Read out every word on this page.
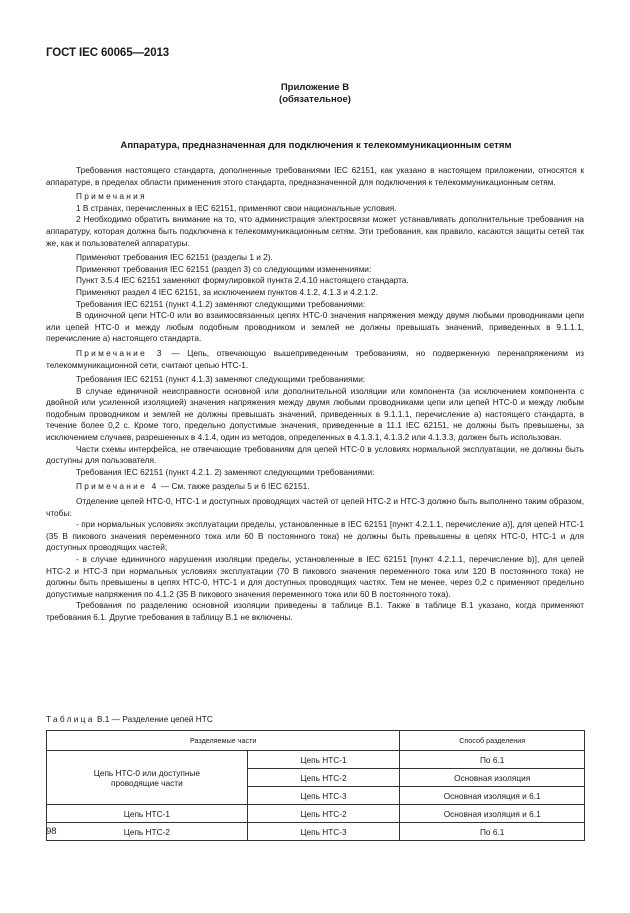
ГОСТ IEC 60065—2013
Приложение В
(обязательное)
Аппаратура, предназначенная для подключения к телекоммуникационным сетям

Требования настоящего стандарта, дополненные требованиями IEC 62151, как указано в настоящем приложении, относятся к аппаратуре, в пределах области применения этого стандарта, предназначенной для подключения к телекоммуникационным сетям.

Примечания

1 В странах, перечисленных в IEC 62151, применяют свои национальные условия.

2 Необходимо обратить внимание на то, что администрация электросвязи может устанавливать дополнительные требования на аппаратуру, которая должна быть подключена к телекоммуникационным сетям. Эти требования, как правило, касаются защиты сетей так же, как и пользователей аппаратуры.

Применяют требования IEC 62151 (разделы 1 и 2).

Применяют требования IEC 62151 (раздел 3) со следующими изменениями:

Пункт 3.5.4 IEC 62151 заменяют формулировкой пункта 2.4.10 настоящего стандарта.

Применяют раздел 4 IEC 62151, за исключением пунктов 4.1.2, 4.1.3 и 4.2.1.2.

Требования IEC 62151 (пункт 4.1.2) заменяют следующими требованиями:

В одиночной цепи НТС-0 или во взаимосвязанных цепях НТС-0 значения напряжения между двумя любыми проводниками цепи или цепей НТС-0 и между любым подобным проводником и землей не должны превышать значений, приведенных в 9.1.1.1, перечисление а) настоящего стандарта.

Примечание 3 — Цепь, отвечающую вышеприведенным требованиям, но подверженную перенапряжениям из телекоммуникационной сети, считают цепью НТС-1.

Требования IEC 62151 (пункт 4.1.3) заменяют следующими требованиями:

В случае единичной неисправности основной или дополнительной изоляции или компонента (за исключением компонента с двойной или усиленной изоляцией) значения напряжения между двумя любыми проводниками цепи или цепей НТС-0 и между любым подобным проводником и землей не должны превышать значений, приведенных в 9.1.1.1, перечисление а) настоящего стандарта, в течение более 0,2 с. Кроме того, предельно допустимые значения, приведенные в 11.1 IEC 62151, не должны быть превышены, за исключением случаев, разрешенных в 4.1.4, один из методов, определенных в 4.1.3.1, 4.1.3.2 или 4.1.3.3, должен быть использован.

Части схемы интерфейса, не отвечающие требованиям для цепей НТС-0 в условиях нормальной эксплуатации, не должны быть доступны для пользователя.

Требования IEC 62151 (пункт 4.2.1. 2) заменяют следующими требованиями:

Примечание 4 — См. также разделы 5 и 6 IEC 62151.

Отделение цепей НТС-0, НТС-1 и доступных проводящих частей от цепей НТС-2 и НТС-3 должно быть выполнено таким образом, чтобы:

- при нормальных условиях эксплуатации пределы, установленные в IEC 62151 [пункт 4.2.1.1, перечисление а)], для цепей НТС-1 (35 В пикового значения переменного тока или 60 В постоянного тока) не должны быть превышены в цепях НТС-0, НТС-1 и для доступных проводящих частей;

- в случае единичного нарушения изоляции пределы, установленные в IEC 62151 [пункт 4.2.1.1, перечисление b)], для цепей НТС-2 и НТС-3 при нормальных условиях эксплуатации (70 В пикового значения переменного тока или 120 В постоянного тока) не должны быть превышены в цепях НТС-0, НТС-1 и для доступных проводящих частях. Тем не менее, через 0,2 с применяют предельно допустимые напряжения по 4.1.2 (35 В пикового значения переменного тока или 60 В постоянного тока).

Требования по разделению основной изоляции приведены в таблице В.1. Также в таблице В.1 указано, когда применяют требования 6.1. Другие требования в таблицу В.1 не включены.

Таблица В.1 — Разделение цепей НТС
Разделяемые части		Способ разделения
Цепь НТС-0 или доступные проводящие части	Цепь НТС-1	По 6.1
	Цепь НТС-2	Основная изоляция
	Цепь НТС-3	Основная изоляция и 6.1
Цепь НТС-1	Цепь НТС-2	Основная изоляция и 6.1
Цепь НТС-2	Цепь НТС-3	По 6.1
98
